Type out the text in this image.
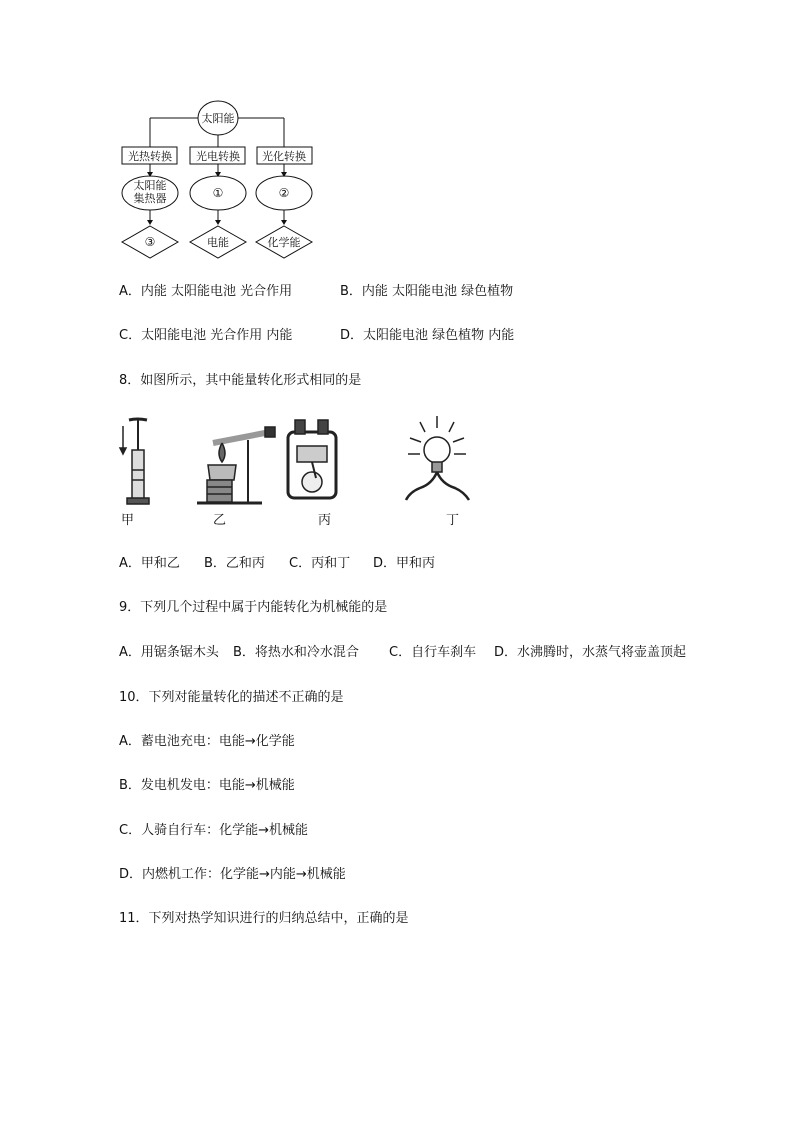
太阳能
光热转换 光电转换 光化转换
太阳能
集热器	①	②
③	电能	化学能
A．内能 太阳能电池 光合作用	B．内能 太阳能电池 绿色植物
C．太阳能电池 光合作用 内能	D．太阳能电池 绿色植物 内能
8．如图所示，其中能量转化形式相同的是
甲	乙	丙	丁
A．甲和乙 B．乙和丙 C．丙和丁 D．甲和丙
9．下列几个过程中属于内能转化为机械能的是
A．用锯条锯木头 B．将热水和冷水混合 C．自行车刹车 D．水沸腾时，水蒸气将壶盖顶起
10．下列对能量转化的描述不正确的是
A．蓄电池充电：电能→化学能
B．发电机发电：电能→机械能
C．人骑自行车：化学能→机械能
D．内燃机工作：化学能→内能→机械能
11．下列对热学知识进行的归纳总结中，正确的是
